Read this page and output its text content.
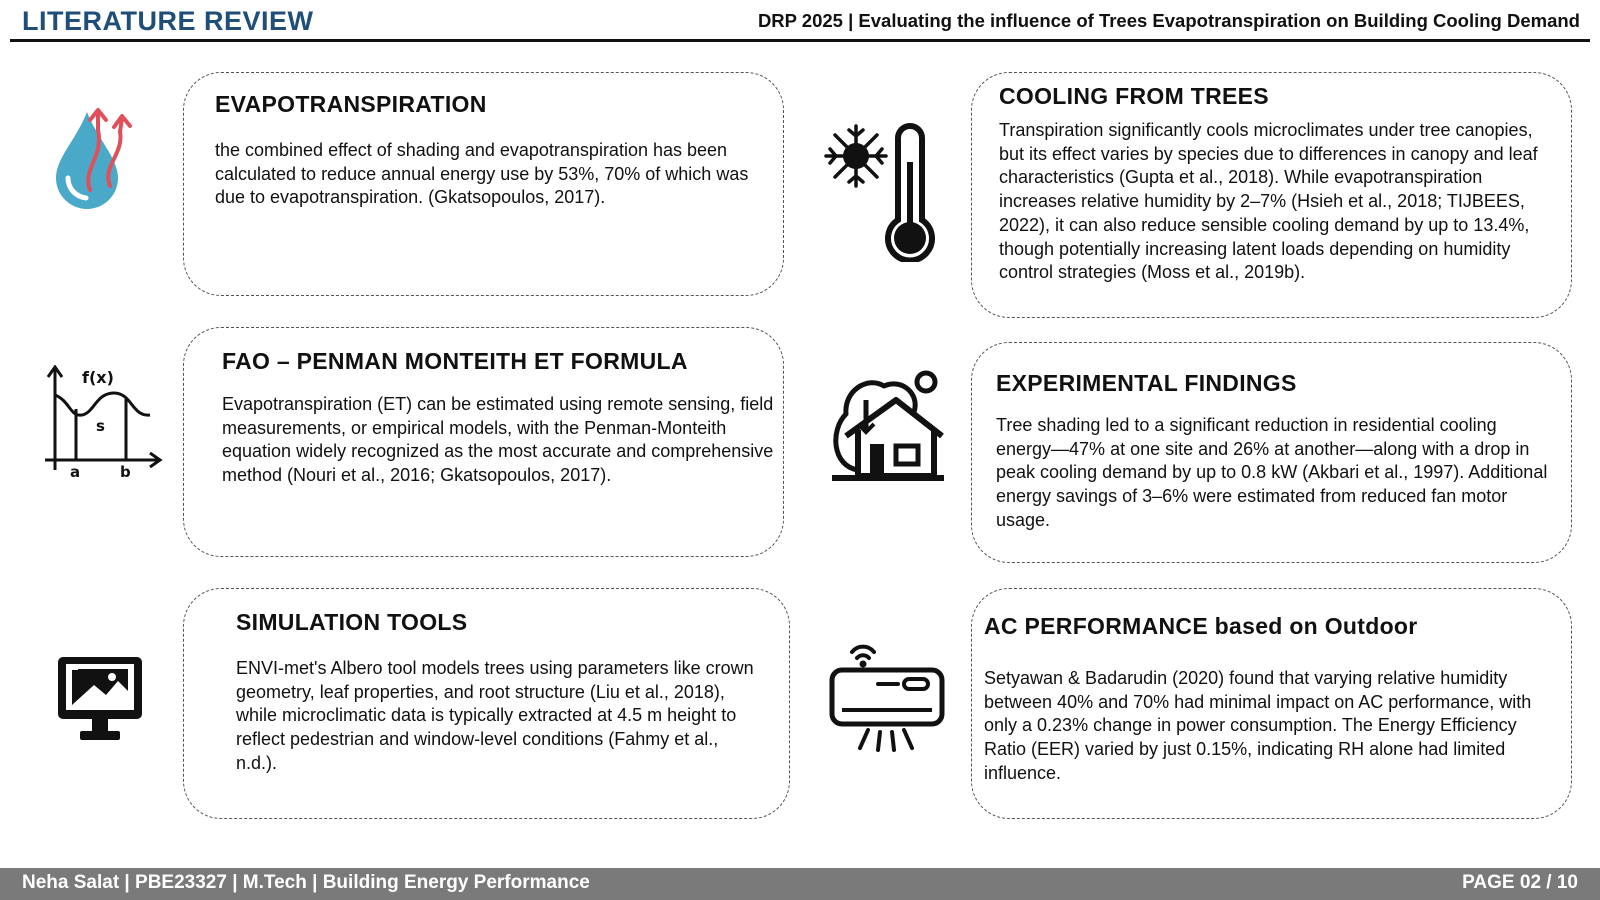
LITERATURE REVIEW	DRP 2025 | Evaluating the influence of Trees Evapotranspiration on Building Cooling Demand
f(x)
s
a	b
EVAPOTRANSPIRATION

the combined effect of shading and evapotranspiration has been calculated to reduce annual energy use by 53%, 70% of which was due to evapotranspiration. (Gkatsopoulos, 2017).

FAO – PENMAN MONTEITH ET FORMULA

Evapotranspiration (ET) can be estimated using remote sensing, field measurements, or empirical models, with the Penman-Monteith equation widely recognized as the most accurate and comprehensive method (Nouri et al., 2016; Gkatsopoulos, 2017).

SIMULATION TOOLS

ENVI-met's Albero tool models trees using parameters like crown geometry, leaf properties, and root structure (Liu et al., 2018), while microclimatic data is typically extracted at 4.5 m height to reflect pedestrian and window-level conditions (Fahmy et al., n.d.).

COOLING FROM TREES

Transpiration significantly cools microclimates under tree canopies, but its effect varies by species due to differences in canopy and leaf characteristics (Gupta et al., 2018). While evapotranspiration increases relative humidity by 2–7% (Hsieh et al., 2018; TIJBEES, 2022), it can also reduce sensible cooling demand by up to 13.4%, though potentially increasing latent loads depending on humidity control strategies (Moss et al., 2019b).

EXPERIMENTAL FINDINGS

Tree shading led to a significant reduction in residential cooling energy—47% at one site and 26% at another—along with a drop in peak cooling demand by up to 0.8 kW (Akbari et al., 1997). Additional energy savings of 3–6% were estimated from reduced fan motor usage.

AC PERFORMANCE based on Outdoor

Setyawan & Badarudin (2020) found that varying relative humidity between 40% and 70% had minimal impact on AC performance, with only a 0.23% change in power consumption. The Energy Efficiency Ratio (EER) varied by just 0.15%, indicating RH alone had limited influence.

Neha Salat | PBE23327 | M.Tech | Building Energy Performance	PAGE 02 / 10
